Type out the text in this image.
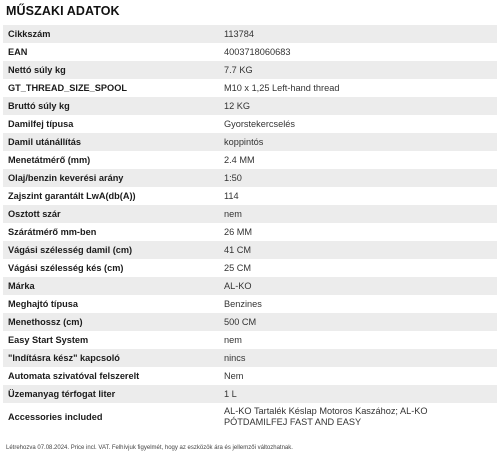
MŰSZAKI ADATOK
Cikkszám	113784
EAN	4003718060683
Nettó súly kg	7.7 KG
GT_THREAD_SIZE_SPOOL	M10 x 1,25 Left-hand thread
Bruttó súly kg	12 KG
Damilfej típusa	Gyorstekercselés
Damil utánállítás	koppintós
Menetátmérő (mm)	2.4 MM
Olaj/benzin keverési arány	1:50
Zajszint garantált LwA(db(A))	114
Osztott szár	nem
Szárátmérő mm-ben	26 MM
Vágási szélesség damil (cm)	41 CM
Vágási szélesség kés (cm)	25 CM
Márka	AL-KO
Meghajtó típusa	Benzines
Menethossz (cm)	500 CM
Easy Start System	nem
"Indításra kész" kapcsoló	nincs
Automata szivatóval felszerelt	Nem
Üzemanyag térfogat liter	1 L
Accessories included	AL-KO Tartalék Késlap Motoros Kaszához; AL-KO PÓTDAMILFEJ FAST AND EASY
Létrehozva 07.08.2024. Price incl. VAT. Felhívjuk figyelmét, hogy az eszközök ára és jellemzői változhatnak.
